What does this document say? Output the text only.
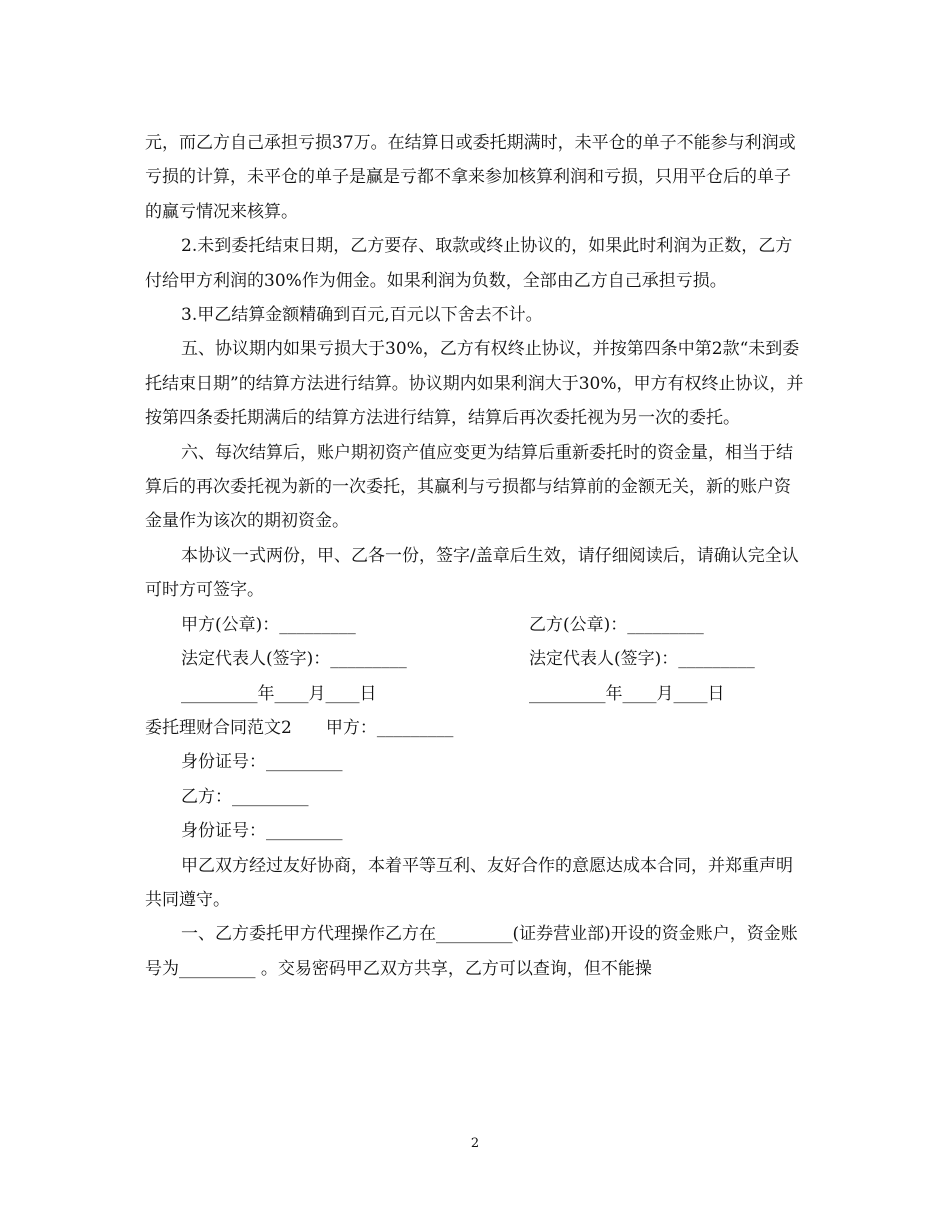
元，而乙方自己承担亏损37万。在结算日或委托期满时，未平仓的单子不能参与利润或亏损的计算，未平仓的单子是赢是亏都不拿来参加核算利润和亏损，只用平仓后的单子的赢亏情况来核算。

2.未到委托结束日期，乙方要存、取款或终止协议的，如果此时利润为正数，乙方付给甲方利润的30%作为佣金。如果利润为负数，全部由乙方自己承担亏损。

3.甲乙结算金额精确到百元,百元以下舍去不计。

五、协议期内如果亏损大于30%，乙方有权终止协议，并按第四条中第2款“未到委托结束日期”的结算方法进行结算。协议期内如果利润大于30%，甲方有权终止协议，并按第四条委托期满后的结算方法进行结算，结算后再次委托视为另一次的委托。

六、每次结算后，账户期初资产值应变更为结算后重新委托时的资金量，相当于结算后的再次委托视为新的一次委托，其赢利与亏损都与结算前的金额无关，新的账户资金量作为该次的期初资金。

本协议一式两份，甲、乙各一份，签字/盖章后生效，请仔细阅读后，请确认完全认可时方可签字。

甲方(公章)：_________	乙方(公章)：_________
法定代表人(签字)：_________	法定代表人(签字)：_________
_________年____月____日	_________年____月____日

委托理财合同范文2　　甲方：_________

身份证号：_________

乙方：_________

身份证号：_________

甲乙双方经过友好协商，本着平等互利、友好合作的意愿达成本合同，并郑重声明共同遵守。

一、乙方委托甲方代理操作乙方在_________(证券营业部)开设的资金账户，资金账号为_________ 。交易密码甲乙双方共享，乙方可以查询，但不能操

2
